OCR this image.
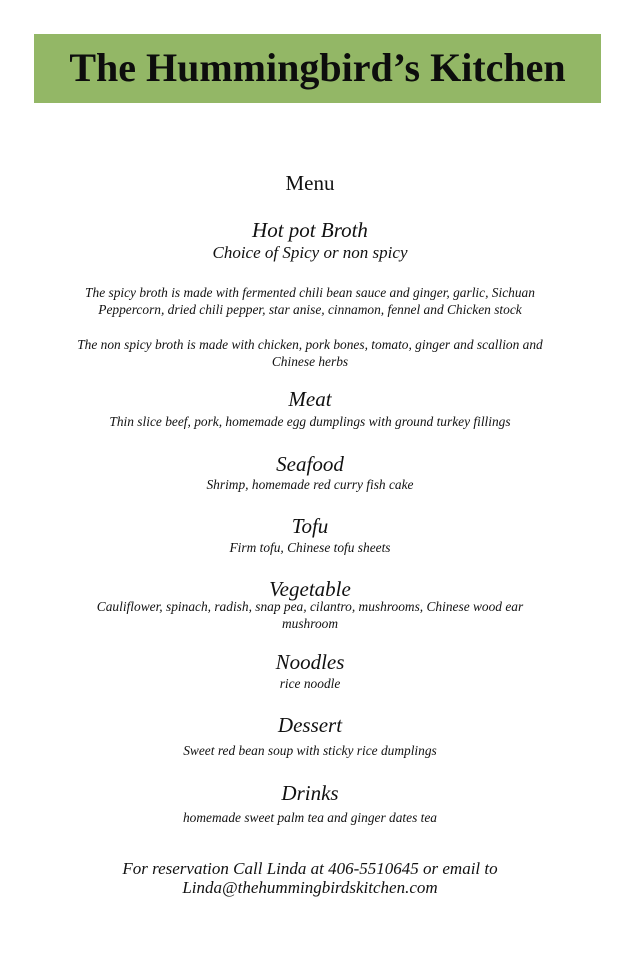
The Hummingbird’s Kitchen
Menu
Hot pot Broth
Choice of Spicy or non spicy
The spicy broth is made with fermented chili bean sauce and ginger, garlic, Sichuan
Peppercorn, dried chili pepper, star anise, cinnamon, fennel and Chicken stock
The non spicy broth is made with chicken, pork bones, tomato, ginger and scallion and
Chinese herbs
Meat
Thin slice beef, pork, homemade egg dumplings with ground turkey fillings
Seafood
Shrimp, homemade red curry fish cake
Tofu
Firm tofu, Chinese tofu sheets
Vegetable
Cauliflower, spinach, radish, snap pea, cilantro, mushrooms, Chinese wood ear
mushroom
Noodles
rice noodle
Dessert
Sweet red bean soup with sticky rice dumplings
Drinks
homemade sweet palm tea and ginger dates tea
For reservation Call Linda at 406-5510645 or email to
Linda@thehummingbirdskitchen.com
